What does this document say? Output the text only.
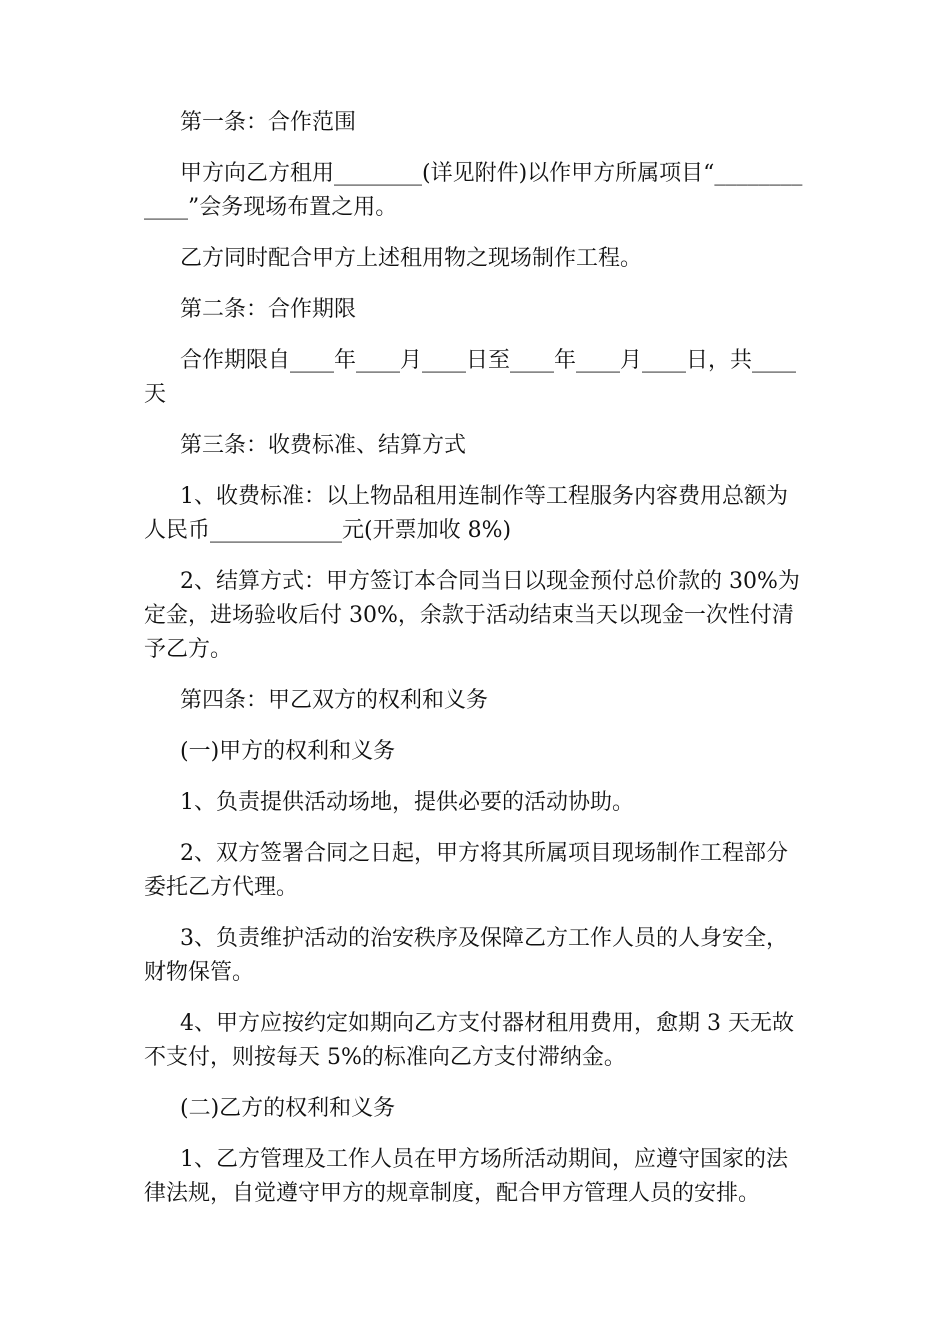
第一条：合作范围

甲方向乙方租用________(详见附件)以作甲方所属项目“____________”会务现场布置之用。

乙方同时配合甲方上述租用物之现场制作工程。

第二条：合作期限

合作期限自____年____月____日至____年____月____日，共____天

第三条：收费标准、结算方式

1、收费标准：以上物品租用连制作等工程服务内容费用总额为人民币____________元(开票加收 8%)

2、结算方式：甲方签订本合同当日以现金预付总价款的 30%为定金，进场验收后付 30%，余款于活动结束当天以现金一次性付清予乙方。

第四条：甲乙双方的权利和义务

(一)甲方的权利和义务

1、负责提供活动场地，提供必要的活动协助。

2、双方签署合同之日起，甲方将其所属项目现场制作工程部分委托乙方代理。

3、负责维护活动的治安秩序及保障乙方工作人员的人身安全，财物保管。

4、甲方应按约定如期向乙方支付器材租用费用，愈期 3 天无故不支付，则按每天 5%的标准向乙方支付滞纳金。

(二)乙方的权利和义务

1、乙方管理及工作人员在甲方场所活动期间，应遵守国家的法律法规，自觉遵守甲方的规章制度，配合甲方管理人员的安排。
